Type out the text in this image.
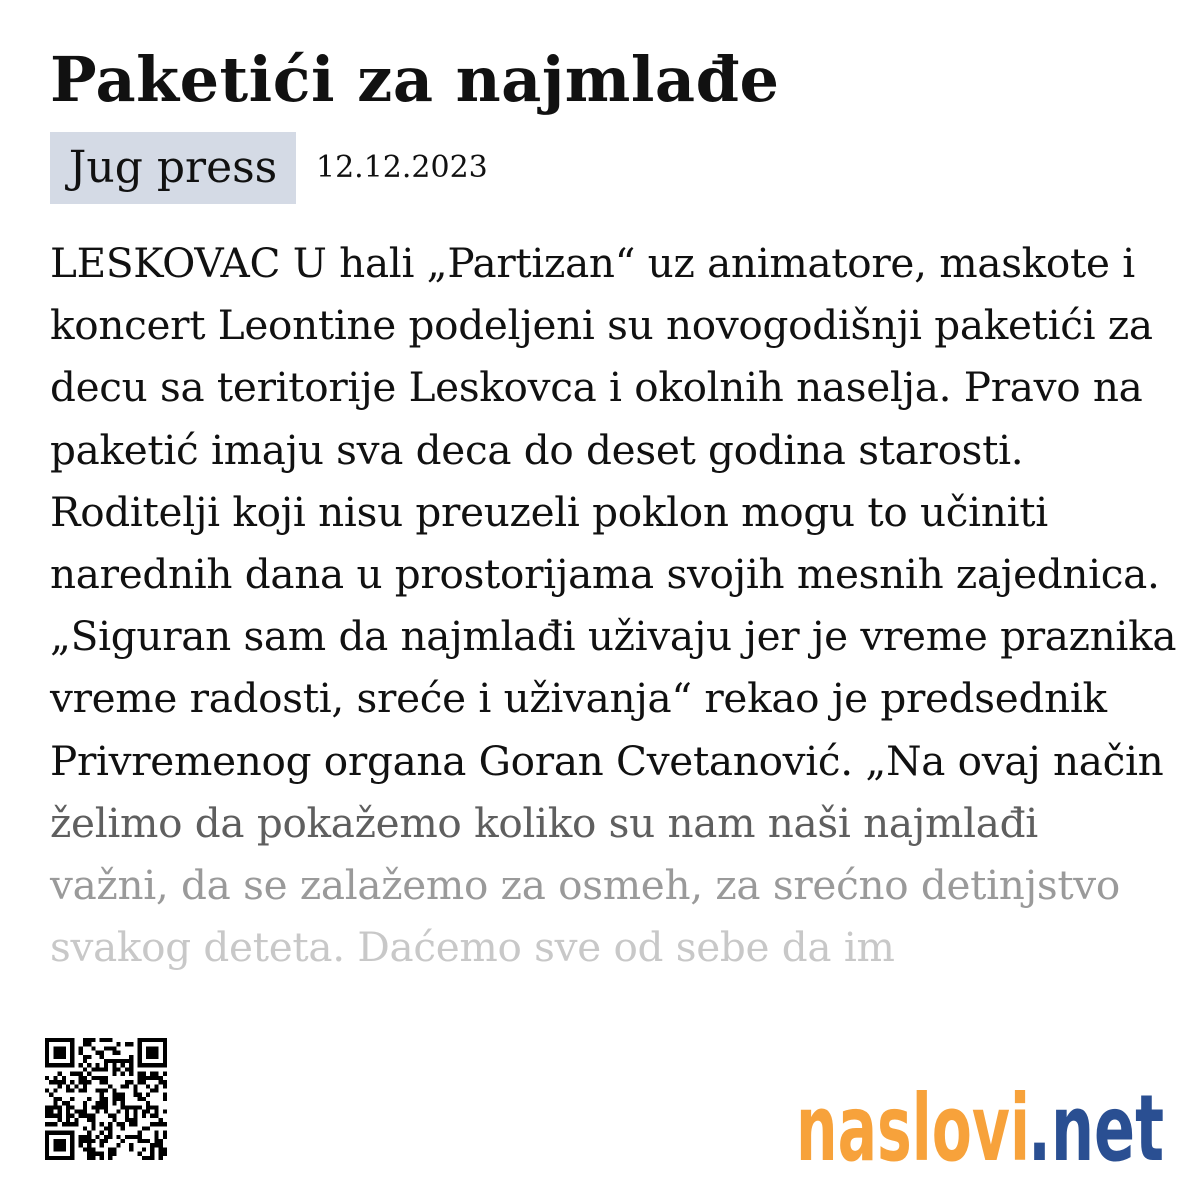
Paketići za najmlađe
Jug press	12.12.2023
LESKOVAC U hali „Partizan“ uz animatore, maskote i
koncert Leontine podeljeni su novogodišnji paketići za
decu sa teritorije Leskovca i okolnih naselja. Pravo na
paketić imaju sva deca do deset godina starosti.
Roditelji koji nisu preuzeli poklon mogu to učiniti
narednih dana u prostorijama svojih mesnih zajednica.
„Siguran sam da najmlađi uživaju jer je vreme praznika
vreme radosti, sreće i uživanja“ rekao je predsednik
Privremenog organa Goran Cvetanović. „Na ovaj način
želimo da pokažemo koliko su nam naši najmlađi
važni, da se zalažemo za osmeh, za srećno detinjstvo
svakog deteta. Daćemo sve od sebe da im
naslovi
.net
